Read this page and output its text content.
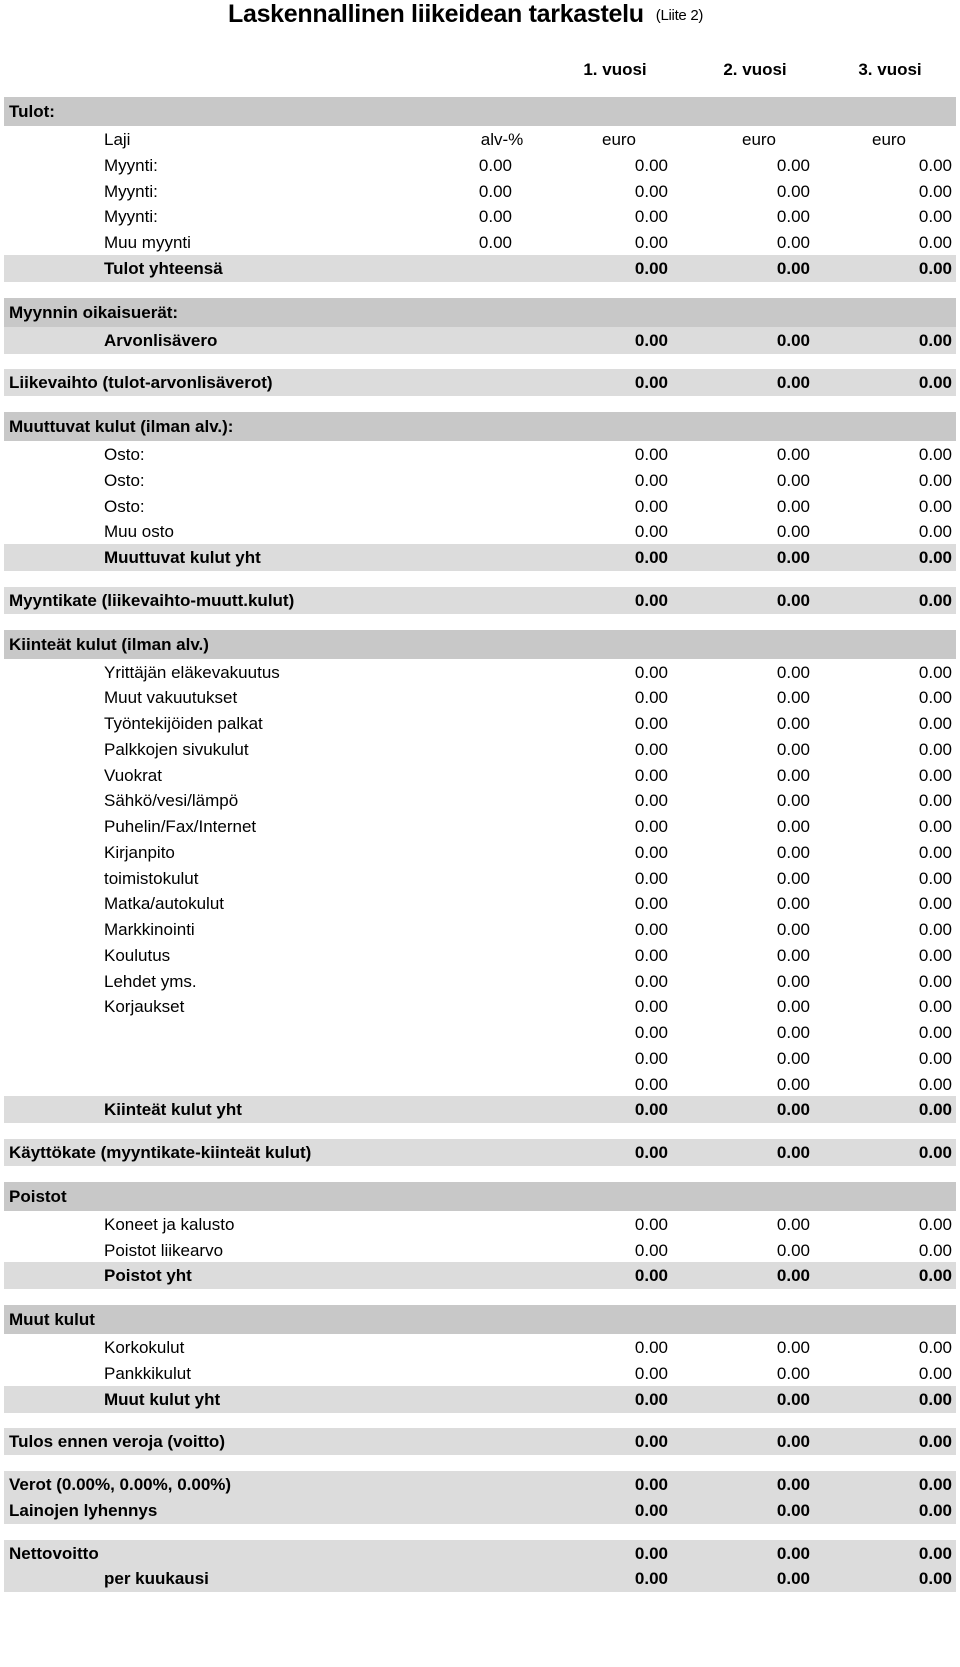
Laskennallinen liikeidean tarkastelu (Liite 2)
1. vuosi	2. vuosi	3. vuosi
Tulot:
Laji	alv-%	euro	euro	euro
Myynti:	0.00	0.00	0.00	0.00
Myynti:	0.00	0.00	0.00	0.00
Myynti:	0.00	0.00	0.00	0.00
Muu myynti	0.00	0.00	0.00	0.00
Tulot yhteensä	0.00	0.00	0.00
Myynnin oikaisuerät:
Arvonlisävero	0.00	0.00	0.00
Liikevaihto (tulot-arvonlisäverot)	0.00	0.00	0.00
Muuttuvat kulut (ilman alv.):
Osto:	0.00	0.00	0.00
Osto:	0.00	0.00	0.00
Osto:	0.00	0.00	0.00
Muu osto	0.00	0.00	0.00
Muuttuvat kulut yht	0.00	0.00	0.00
Myyntikate (liikevaihto-muutt.kulut)	0.00	0.00	0.00
Kiinteät kulut (ilman alv.)
Yrittäjän eläkevakuutus	0.00	0.00	0.00
Muut vakuutukset	0.00	0.00	0.00
Työntekijöiden palkat	0.00	0.00	0.00
Palkkojen sivukulut	0.00	0.00	0.00
Vuokrat	0.00	0.00	0.00
Sähkö/vesi/lämpö	0.00	0.00	0.00
Puhelin/Fax/Internet	0.00	0.00	0.00
Kirjanpito	0.00	0.00	0.00
toimistokulut	0.00	0.00	0.00
Matka/autokulut	0.00	0.00	0.00
Markkinointi	0.00	0.00	0.00
Koulutus	0.00	0.00	0.00
Lehdet yms.	0.00	0.00	0.00
Korjaukset	0.00	0.00	0.00
0.00	0.00	0.00
0.00	0.00	0.00
0.00	0.00	0.00
Kiinteät kulut yht	0.00	0.00	0.00
Käyttökate (myyntikate-kiinteät kulut)	0.00	0.00	0.00
Poistot
Koneet ja kalusto	0.00	0.00	0.00
Poistot liikearvo	0.00	0.00	0.00
Poistot yht	0.00	0.00	0.00
Muut kulut
Korkokulut	0.00	0.00	0.00
Pankkikulut	0.00	0.00	0.00
Muut kulut yht	0.00	0.00	0.00
Tulos ennen veroja (voitto)	0.00	0.00	0.00
Verot (0.00%, 0.00%, 0.00%)	0.00	0.00	0.00
Lainojen lyhennys	0.00	0.00	0.00
Nettovoitto	0.00	0.00	0.00
per kuukausi	0.00	0.00	0.00
